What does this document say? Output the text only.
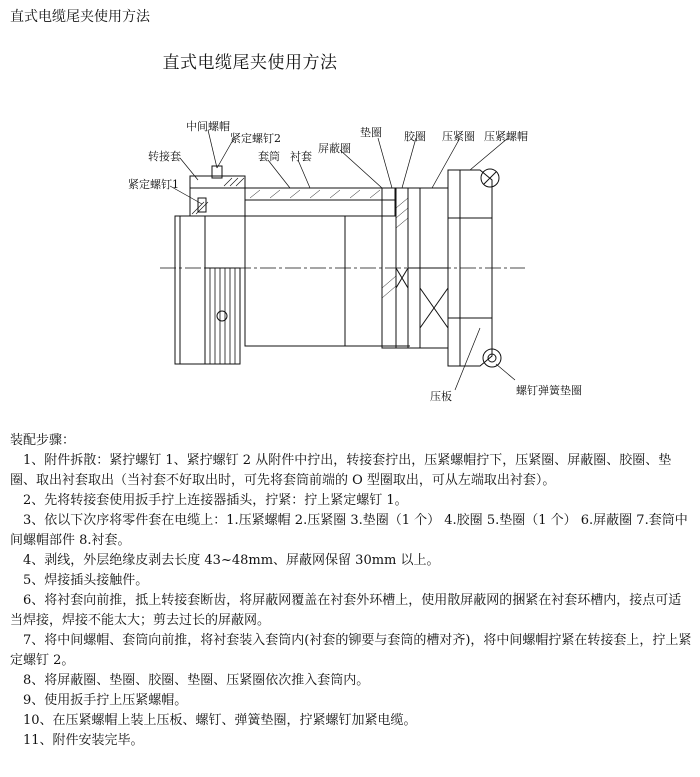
直式电缆尾夹使用方法
直式电缆尾夹使用方法
中间螺帽
紧定螺钉2
转接套
紧定螺钉1
套筒 衬套
屏蔽圈
垫圈 胶圈 压紧圈 压紧螺帽
压板	螺钉弹簧垫圈

装配步骤：

1、附件拆散：紧拧螺钉 1、紧拧螺钉 2 从附件中拧出，转接套拧出，压紧螺帽拧下，压紧圈、屏蔽圈、胶圈、垫圈、取出衬套取出（当衬套不好取出时，可先将套筒前端的 O 型圈取出，可从左端取出衬套）。

2、先将转接套使用扳手拧上连接器插头，拧紧：拧上紧定螺钉 1。

3、依以下次序将零件套在电缆上：1.压紧螺帽 2.压紧圈 3.垫圈（1 个） 4.胶圈 5.垫圈（1 个） 6.屏蔽圈 7.套筒中间螺帽部件 8.衬套。

4、剥线，外层绝缘皮剥去长度 43~48mm、屏蔽网保留 30mm 以上。

5、焊接插头接触件。

6、将衬套向前推，抵上转接套断齿，将屏蔽网覆盖在衬套外环槽上，使用散屏蔽网的捆紧在衬套环槽内，接点可适当焊接，焊接不能太大；剪去过长的屏蔽网。

7、将中间螺帽、套筒向前推，将衬套装入套筒内(衬套的铆要与套筒的槽对齐)，将中间螺帽拧紧在转接套上，拧上紧定螺钉 2。

8、将屏蔽圈、垫圈、胶圈、垫圈、压紧圈依次推入套筒内。

9、使用扳手拧上压紧螺帽。

10、在压紧螺帽上装上压板、螺钉、弹簧垫圈，拧紧螺钉加紧电缆。

11、附件安装完毕。
